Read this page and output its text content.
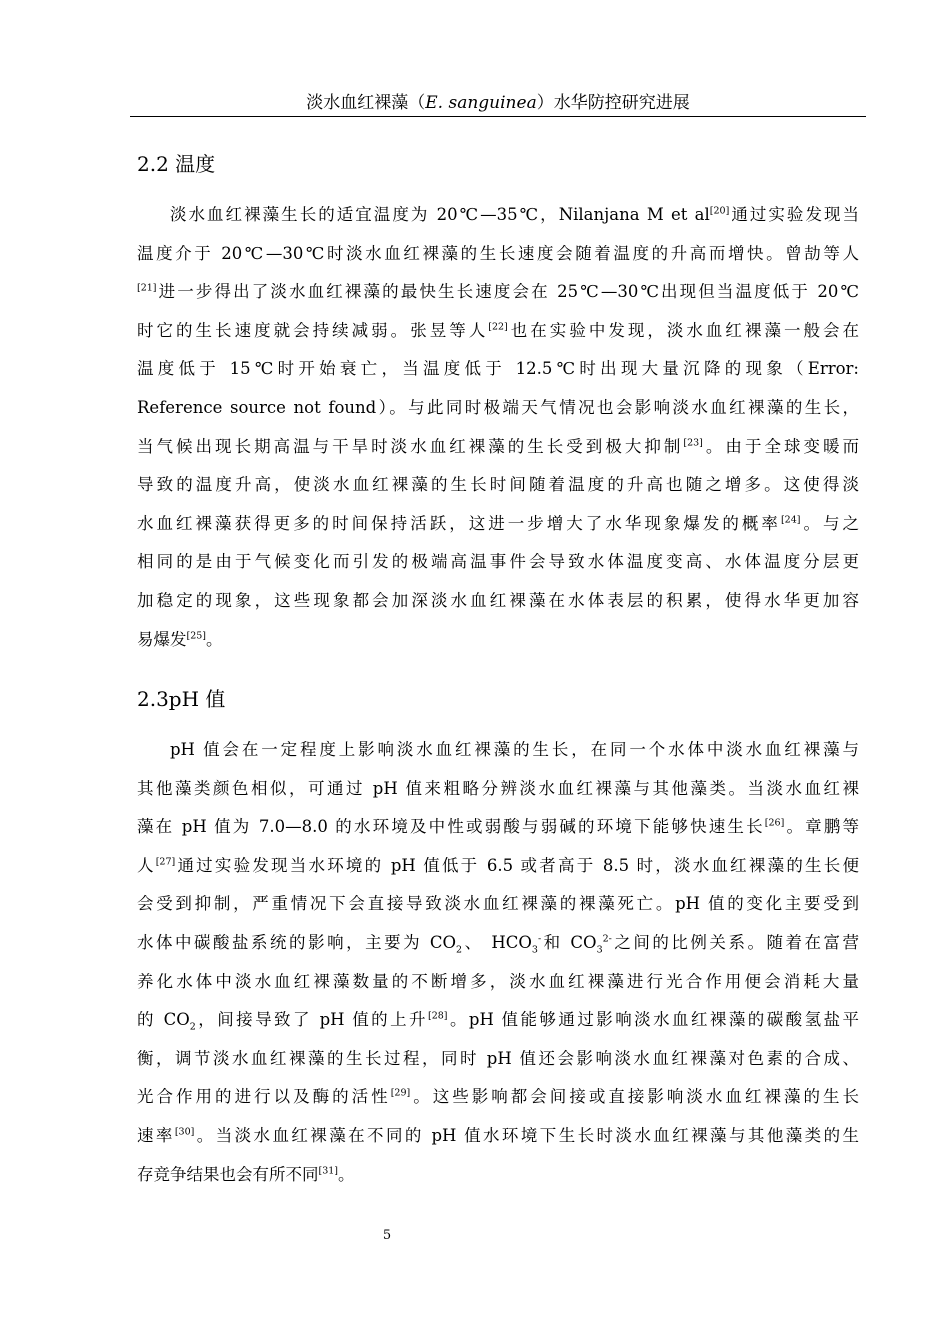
淡水血红裸藻（E. sanguinea）水华防控研究进展
2.2 温度
淡水血红裸藻生长的适宜温度为 20℃—35℃，Nilanjana M et al[20]通过实验发现当
温度介于 20℃—30℃时淡水血红裸藻的生长速度会随着温度的升高而增快。曾劼等人
[21]进一步得出了淡水血红裸藻的最快生长速度会在 25℃—30℃出现但当温度低于 20℃
时它的生长速度就会持续减弱。张昱等人[22]也在实验中发现，淡水血红裸藻一般会在
温度低于 15℃时开始衰亡，当温度低于 12.5℃时出现大量沉降的现象（Error:
Reference source not found）。与此同时极端天气情况也会影响淡水血红裸藻的生长，
当气候出现长期高温与干旱时淡水血红裸藻的生长受到极大抑制[23]。由于全球变暖而
导致的温度升高，使淡水血红裸藻的生长时间随着温度的升高也随之增多。这使得淡
水血红裸藻获得更多的时间保持活跃，这进一步增大了水华现象爆发的概率[24]。与之
相同的是由于气候变化而引发的极端高温事件会导致水体温度变高、水体温度分层更
加稳定的现象，这些现象都会加深淡水血红裸藻在水体表层的积累，使得水华更加容
易爆发[25]。
2.3pH 值
pH 值会在一定程度上影响淡水血红裸藻的生长，在同一个水体中淡水血红裸藻与
其他藻类颜色相似，可通过 pH 值来粗略分辨淡水血红裸藻与其他藻类。当淡水血红裸
藻在 pH 值为 7.0—8.0 的水环境及中性或弱酸与弱碱的环境下能够快速生长[26]。章鹏等
人[27]通过实验发现当水环境的 pH 值低于 6.5 或者高于 8.5 时，淡水血红裸藻的生长便
会受到抑制，严重情况下会直接导致淡水血红裸藻的裸藻死亡。pH 值的变化主要受到
水体中碳酸盐系统的影响，主要为 $CO_2$、 $HCO_3^-$和 $CO_3^{2-}$之间的比例关系。随着在富营
养化水体中淡水血红裸藻数量的不断增多，淡水血红裸藻进行光合作用便会消耗大量
的 $CO_2$，间接导致了 pH 值的上升[28]。pH 值能够通过影响淡水血红裸藻的碳酸氢盐平
衡，调节淡水血红裸藻的生长过程，同时 pH 值还会影响淡水血红裸藻对色素的合成、
光合作用的进行以及酶的活性[29]。这些影响都会间接或直接影响淡水血红裸藻的生长
速率[30]。当淡水血红裸藻在不同的 pH 值水环境下生长时淡水血红裸藻与其他藻类的生
存竞争结果也会有所不同[31]。
5
